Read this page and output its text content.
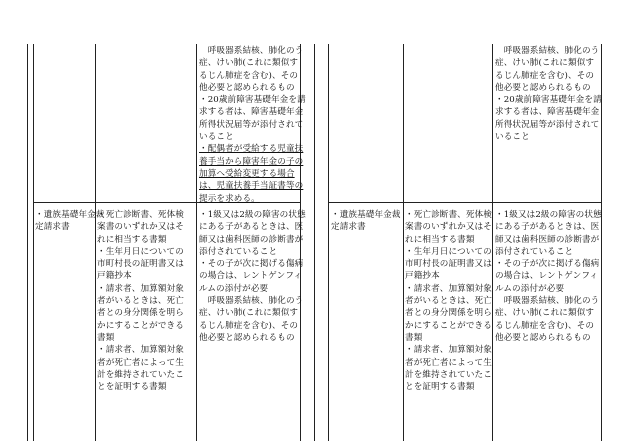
　呼吸器系結核、肺化のう
症、けい肺(これに類似す
るじん肺症を含む)、その
他必要と認められるもの
・20歳前障害基礎年金を請
求する者は、障害基礎年金
所得状況届等が添付されて
いること
・配偶者が受給する児童扶
養手当から障害年金の子の
加算へ受給変更する場合
は、児童扶養手当証書等の
提示を求める。
・遺族基礎年金裁
定請求書
・死亡診断書、死体検
案書のいずれか又はそ
れに相当する書類
・生年月日についての
市町村長の証明書又は
戸籍抄本
・請求者、加算額対象
者がいるときは、死亡
者との身分関係を明ら
かにすることができる
書類
・請求者、加算額対象
者が死亡者によって生
計を維持されていたこ
とを証明する書類
・1級又は2級の障害の状態
にある子があるときは、医
師又は歯科医師の診断書が
添付されていること
・その子が次に掲げる傷病
の場合は、レントゲンフィ
ルムの添付が必要
　呼吸器系結核、肺化のう
症、けい肺(これに類似す
るじん肺症を含む)、その
他必要と認められるもの
　呼吸器系結核、肺化のう
症、けい肺(これに類似す
るじん肺症を含む)、その
他必要と認められるもの
・20歳前障害基礎年金を請
求する者は、障害基礎年金
所得状況届等が添付されて
いること
・遺族基礎年金裁
定請求書
・死亡診断書、死体検
案書のいずれか又はそ
れに相当する書類
・生年月日についての
市町村長の証明書又は
戸籍抄本
・請求者、加算額対象
者がいるときは、死亡
者との身分関係を明ら
かにすることができる
書類
・請求者、加算額対象
者が死亡者によって生
計を維持されていたこ
とを証明する書類
・1級又は2級の障害の状態
にある子があるときは、医
師又は歯科医師の診断書が
添付されていること
・その子が次に掲げる傷病
の場合は、レントゲンフィ
ルムの添付が必要
　呼吸器系結核、肺化のう
症、けい肺(これに類似す
るじん肺症を含む)、その
他必要と認められるもの
